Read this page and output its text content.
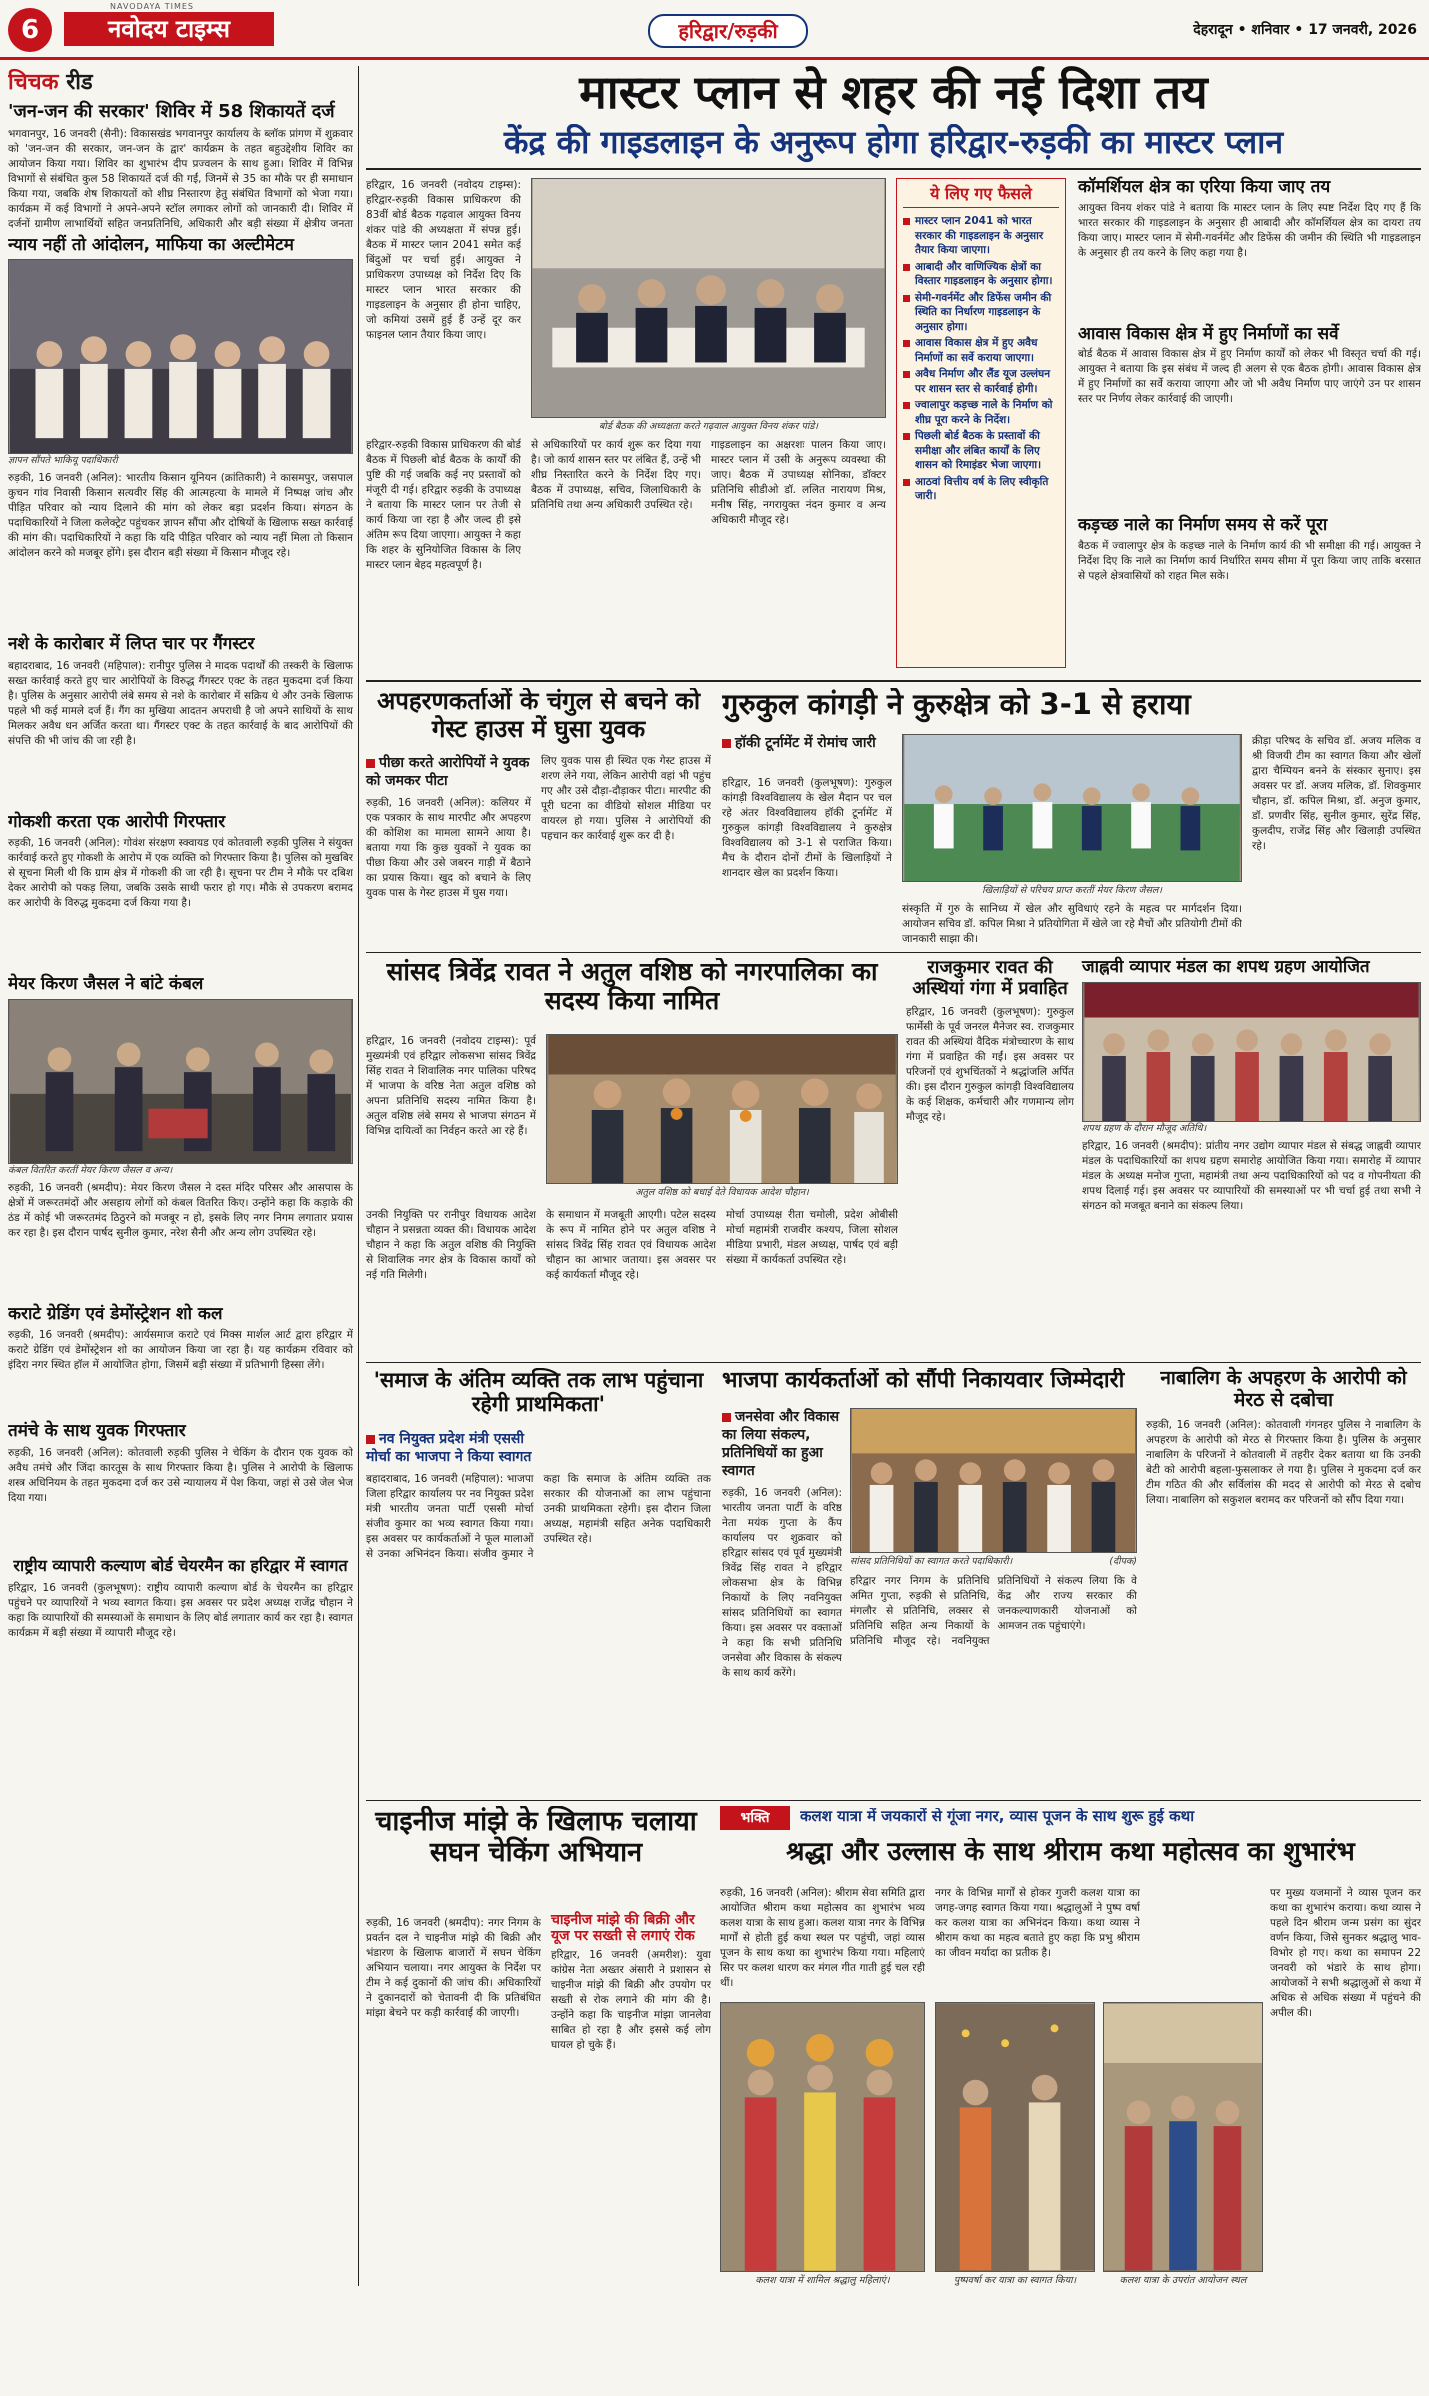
6
NAVODAYA TIMES
नवोदय टाइम्स	हरिद्वार/रुड़की	देहरादून • शनिवार • 17 जनवरी, 2026
चिचक रीड
'जन-जन की सरकार' शिविर में 58 शिकायतें दर्ज
भगवानपुर, 16 जनवरी (सैनी): विकासखंड भगवानपुर कार्यालय के ब्लॉक प्रांगण में शुक्रवार को 'जन-जन की सरकार, जन-जन के द्वार' कार्यक्रम के तहत बहुउद्देशीय शिविर का आयोजन किया गया। शिविर का शुभारंभ दीप प्रज्वलन के साथ हुआ। शिविर में विभिन्न विभागों से संबंधित कुल 58 शिकायतें दर्ज की गईं, जिनमें से 35 का मौके पर ही समाधान किया गया, जबकि शेष शिकायतों को शीघ्र निस्तारण हेतु संबंधित विभागों को भेजा गया। कार्यक्रम में कई विभागों ने अपने-अपने स्टॉल लगाकर लोगों को जानकारी दी। शिविर में दर्जनों ग्रामीण लाभार्थियों सहित जनप्रतिनिधि, अधिकारी और बड़ी संख्या में क्षेत्रीय जनता
न्याय नहीं तो आंदोलन, माफिया का अल्टीमेटम
ज्ञापन सौंपते भाकियू पदाधिकारी
रुड़की, 16 जनवरी (अनिल): भारतीय किसान यूनियन (क्रांतिकारी) ने कासमपुर, जसपाल कुचन गांव निवासी किसान सत्यवीर सिंह की आत्महत्या के मामले में निष्पक्ष जांच और पीड़ित परिवार को न्याय दिलाने की मांग को लेकर बड़ा प्रदर्शन किया। संगठन के पदाधिकारियों ने जिला कलेक्ट्रेट पहुंचकर ज्ञापन सौंपा और दोषियों के खिलाफ सख्त कार्रवाई की मांग की। पदाधिकारियों ने कहा कि यदि पीड़ित परिवार को न्याय नहीं मिला तो किसान आंदोलन करने को मजबूर होंगे। इस दौरान बड़ी संख्या में किसान मौजूद रहे।
नशे के कारोबार में लिप्त चार पर गैंगस्टर
बहादराबाद, 16 जनवरी (महिपाल): रानीपुर पुलिस ने मादक पदार्थों की तस्करी के खिलाफ सख्त कार्रवाई करते हुए चार आरोपियों के विरुद्ध गैंगस्टर एक्ट के तहत मुकदमा दर्ज किया है। पुलिस के अनुसार आरोपी लंबे समय से नशे के कारोबार में सक्रिय थे और उनके खिलाफ पहले भी कई मामले दर्ज हैं। गैंग का मुखिया आदतन अपराधी है जो अपने साथियों के साथ मिलकर अवैध धन अर्जित करता था। गैंगस्टर एक्ट के तहत कार्रवाई के बाद आरोपियों की संपत्ति की भी जांच की जा रही है।
गोकशी करता एक आरोपी गिरफ्तार
रुड़की, 16 जनवरी (अनिल): गोवंश संरक्षण स्क्वायड एवं कोतवाली रुड़की पुलिस ने संयुक्त कार्रवाई करते हुए गोकशी के आरोप में एक व्यक्ति को गिरफ्तार किया है। पुलिस को मुखबिर से सूचना मिली थी कि ग्राम क्षेत्र में गोकशी की जा रही है। सूचना पर टीम ने मौके पर दबिश देकर आरोपी को पकड़ लिया, जबकि उसके साथी फरार हो गए। मौके से उपकरण बरामद कर आरोपी के विरुद्ध मुकदमा दर्ज किया गया है।
मेयर किरण जैसल ने बांटे कंबल
कंबल वितरित करतीं मेयर किरण जैसल व अन्य।
रुड़की, 16 जनवरी (श्रमदीप): मेयर किरण जैसल ने दस्त मंदिर परिसर और आसपास के क्षेत्रों में जरूरतमंदों और असहाय लोगों को कंबल वितरित किए। उन्होंने कहा कि कड़ाके की ठंड में कोई भी जरूरतमंद ठिठुरने को मजबूर न हो, इसके लिए नगर निगम लगातार प्रयास कर रहा है। इस दौरान पार्षद सुनील कुमार, नरेश सैनी और अन्य लोग उपस्थित रहे।
कराटे ग्रेडिंग एवं डेमोंस्ट्रेशन शो कल
रुड़की, 16 जनवरी (श्रमदीप): आर्यसमाज कराटे एवं मिक्स मार्शल आर्ट द्वारा हरिद्वार में कराटे ग्रेडिंग एवं डेमोंस्ट्रेशन शो का आयोजन किया जा रहा है। यह कार्यक्रम रविवार को इंदिरा नगर स्थित हॉल में आयोजित होगा, जिसमें बड़ी संख्या में प्रतिभागी हिस्सा लेंगे।
तमंचे के साथ युवक गिरफ्तार
रुड़की, 16 जनवरी (अनिल): कोतवाली रुड़की पुलिस ने चेकिंग के दौरान एक युवक को अवैध तमंचे और जिंदा कारतूस के साथ गिरफ्तार किया है। पुलिस ने आरोपी के खिलाफ शस्त्र अधिनियम के तहत मुकदमा दर्ज कर उसे न्यायालय में पेश किया, जहां से उसे जेल भेज दिया गया।
राष्ट्रीय व्यापारी कल्याण बोर्ड चेयरमैन का हरिद्वार में स्वागत
हरिद्वार, 16 जनवरी (कुलभूषण): राष्ट्रीय व्यापारी कल्याण बोर्ड के चेयरमैन का हरिद्वार पहुंचने पर व्यापारियों ने भव्य स्वागत किया। इस अवसर पर प्रदेश अध्यक्ष राजेंद्र चौहान ने कहा कि व्यापारियों की समस्याओं के समाधान के लिए बोर्ड लगातार कार्य कर रहा है। स्वागत कार्यक्रम में बड़ी संख्या में व्यापारी मौजूद रहे।
मास्टर प्लान से शहर की नई दिशा तय
केंद्र की गाइडलाइन के अनुरूप होगा हरिद्वार-रुड़की का मास्टर प्लान
हरिद्वार, 16 जनवरी (नवोदय टाइम्स): हरिद्वार-रुड़की विकास प्राधिकरण की 83वीं बोर्ड बैठक गढ़वाल आयुक्त विनय शंकर पांडे की अध्यक्षता में संपन्न हुई। बैठक में मास्टर प्लान 2041 समेत कई बिंदुओं पर चर्चा हुई। आयुक्त ने प्राधिकरण उपाध्यक्ष को निर्देश दिए कि मास्टर प्लान भारत सरकार की गाइडलाइन के अनुसार ही होना चाहिए, जो कमियां उसमें हुई हैं उन्हें दूर कर फाइनल प्लान तैयार किया जाए।
बोर्ड बैठक की अध्यक्षता करते गढ़वाल आयुक्त विनय शंकर पांडे।
हरिद्वार-रुड़की विकास प्राधिकरण की बोर्ड बैठक में पिछली बोर्ड बैठक के कार्यों की पुष्टि की गई जबकि कई नए प्रस्तावों को मंजूरी दी गई। हरिद्वार रुड़की के उपाध्यक्ष ने बताया कि मास्टर प्लान पर तेजी से कार्य किया जा रहा है और जल्द ही इसे अंतिम रूप दिया जाएगा। आयुक्त ने कहा कि शहर के सुनियोजित विकास के लिए मास्टर प्लान बेहद महत्वपूर्ण है।
से अधिकारियों पर कार्य शुरू कर दिया गया है। जो कार्य शासन स्तर पर लंबित हैं, उन्हें भी शीघ्र निस्तारित करने के निर्देश दिए गए। बैठक में उपाध्यक्ष, सचिव, जिलाधिकारी के प्रतिनिधि तथा अन्य अधिकारी उपस्थित रहे।
गाइडलाइन का अक्षरशः पालन किया जाए। मास्टर प्लान में उसी के अनुरूप व्यवस्था की जाए। बैठक में उपाध्यक्ष सोनिका, डॉक्टर प्रतिनिधि सीडीओ डॉ. ललित नारायण मिश्र, मनीष सिंह, नगरायुक्त नंदन कुमार व अन्य अधिकारी मौजूद रहे।
ये लिए गए फैसले
मास्टर प्लान 2041 को भारत सरकार की गाइडलाइन के अनुसार तैयार किया जाएगा।
आबादी और वाणिज्यिक क्षेत्रों का विस्तार गाइडलाइन के अनुसार होगा।
सेमी-गवर्नमेंट और डिफेंस जमीन की स्थिति का निर्धारण गाइडलाइन के अनुसार होगा।
आवास विकास क्षेत्र में हुए अवैध निर्माणों का सर्वे कराया जाएगा।
अवैध निर्माण और लैंड यूज उल्लंघन पर शासन स्तर से कार्रवाई होगी।
ज्वालापुर कड़च्छ नाले के निर्माण को शीघ्र पूरा करने के निर्देश।
पिछली बोर्ड बैठक के प्रस्तावों की समीक्षा और लंबित कार्यों के लिए शासन को रिमाइंडर भेजा जाएगा।
आठवां वित्तीय वर्ष के लिए स्वीकृति जारी।
कॉमर्शियल क्षेत्र का एरिया किया जाए तय
आयुक्त विनय शंकर पांडे ने बताया कि मास्टर प्लान के लिए स्पष्ट निर्देश दिए गए हैं कि भारत सरकार की गाइडलाइन के अनुसार ही आबादी और कॉमर्शियल क्षेत्र का दायरा तय किया जाए। मास्टर प्लान में सेमी-गवर्नमेंट और डिफेंस की जमीन की स्थिति भी गाइडलाइन के अनुसार ही तय करने के लिए कहा गया है।
आवास विकास क्षेत्र में हुए निर्माणों का सर्वे
बोर्ड बैठक में आवास विकास क्षेत्र में हुए निर्माण कार्यों को लेकर भी विस्तृत चर्चा की गई। आयुक्त ने बताया कि इस संबंध में जल्द ही अलग से एक बैठक होगी। आवास विकास क्षेत्र में हुए निर्माणों का सर्वे कराया जाएगा और जो भी अवैध निर्माण पाए जाएंगे उन पर शासन स्तर पर निर्णय लेकर कार्रवाई की जाएगी।
कड़च्छ नाले का निर्माण समय से करें पूरा
बैठक में ज्वालापुर क्षेत्र के कड़च्छ नाले के निर्माण कार्य की भी समीक्षा की गई। आयुक्त ने निर्देश दिए कि नाले का निर्माण कार्य निर्धारित समय सीमा में पूरा किया जाए ताकि बरसात से पहले क्षेत्रवासियों को राहत मिल सके।
अपहरणकर्ताओं के चंगुल से बचने को गेस्ट हाउस में घुसा युवक
पीछा करते आरोपियों ने युवक को जमकर पीटा
रुड़की, 16 जनवरी (अनिल): कलियर में एक पत्रकार के साथ मारपीट और अपहरण की कोशिश का मामला सामने आया है। बताया गया कि कुछ युवकों ने युवक का पीछा किया और उसे जबरन गाड़ी में बैठाने का प्रयास किया। खुद को बचाने के लिए युवक पास के गेस्ट हाउस में घुस गया।
लिए युवक पास ही स्थित एक गेस्ट हाउस में शरण लेने गया, लेकिन आरोपी वहां भी पहुंच गए और उसे दौड़ा-दौड़ाकर पीटा। मारपीट की पूरी घटना का वीडियो सोशल मीडिया पर वायरल हो गया। पुलिस ने आरोपियों की पहचान कर कार्रवाई शुरू कर दी है।
गुरुकुल कांगड़ी ने कुरुक्षेत्र को 3-1 से हराया
हॉकी टूर्नामेंट में रोमांच जारी
हरिद्वार, 16 जनवरी (कुलभूषण): गुरुकुल कांगड़ी विश्वविद्यालय के खेल मैदान पर चल रहे अंतर विश्वविद्यालय हॉकी टूर्नामेंट में गुरुकुल कांगड़ी विश्वविद्यालय ने कुरुक्षेत्र विश्वविद्यालय को 3-1 से पराजित किया। मैच के दौरान दोनों टीमों के खिलाड़ियों ने शानदार खेल का प्रदर्शन किया।
खिलाड़ियों से परिचय प्राप्त करतीं मेयर किरण जैसल।
क्रीड़ा परिषद के सचिव डॉ. अजय मलिक व श्री विजयी टीम का स्वागत किया और खेलों द्वारा चैम्पियन बनने के संस्कार सुनाए। इस अवसर पर डॉ. अजय मलिक, डॉ. शिवकुमार चौहान, डॉ. कपिल मिश्रा, डॉ. अनुज कुमार, डॉ. प्रणवीर सिंह, सुनील कुमार, सुरेंद्र सिंह, कुलदीप, राजेंद्र सिंह और खिलाड़ी उपस्थित रहे।
संस्कृति में गुरु के सानिध्य में खेल और सुविधाएं रहने के महत्व पर मार्गदर्शन दिया। आयोजन सचिव डॉ. कपिल मिश्रा ने प्रतियोगिता में खेले जा रहे मैचों और प्रतियोगी टीमों की जानकारी साझा की।
सांसद त्रिवेंद्र रावत ने अतुल वशिष्ठ को नगरपालिका का सदस्य किया नामित
हरिद्वार, 16 जनवरी (नवोदय टाइम्स): पूर्व मुख्यमंत्री एवं हरिद्वार लोकसभा सांसद त्रिवेंद्र सिंह रावत ने शिवालिक नगर पालिका परिषद में भाजपा के वरिष्ठ नेता अतुल वशिष्ठ को अपना प्रतिनिधि सदस्य नामित किया है। अतुल वशिष्ठ लंबे समय से भाजपा संगठन में विभिन्न दायित्वों का निर्वहन करते आ रहे हैं।
अतुल वशिष्ठ को बधाई देते विधायक आदेश चौहान।
उनकी नियुक्ति पर रानीपुर विधायक आदेश चौहान ने प्रसन्नता व्यक्त की। विधायक आदेश चौहान ने कहा कि अतुल वशिष्ठ की नियुक्ति से शिवालिक नगर क्षेत्र के विकास कार्यों को नई गति मिलेगी।
के समाधान में मजबूती आएगी। पटेल सदस्य के रूप में नामित होने पर अतुल वशिष्ठ ने सांसद त्रिवेंद्र सिंह रावत एवं विधायक आदेश चौहान का आभार जताया। इस अवसर पर कई कार्यकर्ता मौजूद रहे।
मोर्चा उपाध्यक्ष रीता चमोली, प्रदेश ओबीसी मोर्चा महामंत्री राजवीर कश्यप, जिला सोशल मीडिया प्रभारी, मंडल अध्यक्ष, पार्षद एवं बड़ी संख्या में कार्यकर्ता उपस्थित रहे।
राजकुमार रावत की अस्थियां गंगा में प्रवाहित
हरिद्वार, 16 जनवरी (कुलभूषण): गुरुकुल फार्मेसी के पूर्व जनरल मैनेजर स्व. राजकुमार रावत की अस्थियां वैदिक मंत्रोच्चारण के साथ गंगा में प्रवाहित की गईं। इस अवसर पर परिजनों एवं शुभचिंतकों ने श्रद्धांजलि अर्पित की। इस दौरान गुरुकुल कांगड़ी विश्वविद्यालय के कई शिक्षक, कर्मचारी और गणमान्य लोग मौजूद रहे।
जाह्नवी व्यापार मंडल का शपथ ग्रहण आयोजित
शपथ ग्रहण के दौरान मौजूद अतिथि।
हरिद्वार, 16 जनवरी (श्रमदीप): प्रांतीय नगर उद्योग व्यापार मंडल से संबद्ध जाह्नवी व्यापार मंडल के पदाधिकारियों का शपथ ग्रहण समारोह आयोजित किया गया। समारोह में व्यापार मंडल के अध्यक्ष मनोज गुप्ता, महामंत्री तथा अन्य पदाधिकारियों को पद व गोपनीयता की शपथ दिलाई गई। इस अवसर पर व्यापारियों की समस्याओं पर भी चर्चा हुई तथा सभी ने संगठन को मजबूत बनाने का संकल्प लिया।
'समाज के अंतिम व्यक्ति तक लाभ पहुंचाना रहेगी प्राथमिकता'
नव नियुक्त प्रदेश मंत्री एससी मोर्चा का भाजपा ने किया स्वागत
बहादराबाद, 16 जनवरी (महिपाल): भाजपा जिला हरिद्वार कार्यालय पर नव नियुक्त प्रदेश मंत्री भारतीय जनता पार्टी एससी मोर्चा संजीव कुमार का भव्य स्वागत किया गया। इस अवसर पर कार्यकर्ताओं ने फूल मालाओं से उनका अभिनंदन किया। संजीव कुमार ने कहा कि समाज के अंतिम व्यक्ति तक सरकार की योजनाओं का लाभ पहुंचाना उनकी प्राथमिकता रहेगी। इस दौरान जिला अध्यक्ष, महामंत्री सहित अनेक पदाधिकारी उपस्थित रहे।
भाजपा कार्यकर्ताओं को सौंपी निकायवार जिम्मेदारी
जनसेवा और विकास का लिया संकल्प, प्रतिनिधियों का हुआ स्वागत
सांसद प्रतिनिधियों का स्वागत करते पदाधिकारी।	(दीपक)
रुड़की, 16 जनवरी (अनिल): भारतीय जनता पार्टी के वरिष्ठ नेता मयंक गुप्ता के कैंप कार्यालय पर शुक्रवार को हरिद्वार सांसद एवं पूर्व मुख्यमंत्री त्रिवेंद्र सिंह रावत ने हरिद्वार लोकसभा क्षेत्र के विभिन्न निकायों के लिए नवनियुक्त सांसद प्रतिनिधियों का स्वागत किया। इस अवसर पर वक्ताओं ने कहा कि सभी प्रतिनिधि जनसेवा और विकास के संकल्प के साथ कार्य करेंगे।
हरिद्वार नगर निगम के प्रतिनिधि अमित गुप्ता, रुड़की से प्रतिनिधि, मंगलौर से प्रतिनिधि, लक्सर से प्रतिनिधि सहित अन्य निकायों के प्रतिनिधि मौजूद रहे। नवनियुक्त प्रतिनिधियों ने संकल्प लिया कि वे केंद्र और राज्य सरकार की जनकल्याणकारी योजनाओं को आमजन तक पहुंचाएंगे।
नाबालिग के अपहरण के आरोपी को मेरठ से दबोचा
रुड़की, 16 जनवरी (अनिल): कोतवाली गंगनहर पुलिस ने नाबालिग के अपहरण के आरोपी को मेरठ से गिरफ्तार किया है। पुलिस के अनुसार नाबालिग के परिजनों ने कोतवाली में तहरीर देकर बताया था कि उनकी बेटी को आरोपी बहला-फुसलाकर ले गया है। पुलिस ने मुकदमा दर्ज कर टीम गठित की और सर्विलांस की मदद से आरोपी को मेरठ से दबोच लिया। नाबालिग को सकुशल बरामद कर परिजनों को सौंप दिया गया।
रुड़की, 16 जनवरी (श्रमदीप): नगर निगम के प्रवर्तन दल ने चाइनीज मांझे की बिक्री और भंडारण के खिलाफ बाजारों में सघन चेकिंग अभियान चलाया। नगर आयुक्त के निर्देश पर टीम ने कई दुकानों की जांच की। अधिकारियों ने दुकानदारों को चेतावनी दी कि प्रतिबंधित मांझा बेचने पर कड़ी कार्रवाई की जाएगी।
चाइनीज मांझे के खिलाफ चलाया सघन चेकिंग अभियान
चाइनीज मांझे की बिक्री और यूज पर सख्ती से लगाएं रोक
हरिद्वार, 16 जनवरी (अमरीश): युवा कांग्रेस नेता अख्तर अंसारी ने प्रशासन से चाइनीज मांझे की बिक्री और उपयोग पर सख्ती से रोक लगाने की मांग की है। उन्होंने कहा कि चाइनीज मांझा जानलेवा साबित हो रहा है और इससे कई लोग घायल हो चुके हैं।
भक्ति	कलश यात्रा में जयकारों से गूंजा नगर, व्यास पूजन के साथ शुरू हुई कथा
श्रद्धा और उल्लास के साथ श्रीराम कथा महोत्सव का शुभारंभ
रुड़की, 16 जनवरी (अनिल): श्रीराम सेवा समिति द्वारा आयोजित श्रीराम कथा महोत्सव का शुभारंभ भव्य कलश यात्रा के साथ हुआ। कलश यात्रा नगर के विभिन्न मार्गों से होती हुई कथा स्थल पर पहुंची, जहां व्यास पूजन के साथ कथा का शुभारंभ किया गया। महिलाएं सिर पर कलश धारण कर मंगल गीत गाती हुई चल रही थीं।
नगर के विभिन्न मार्गों से होकर गुजरी कलश यात्रा का जगह-जगह स्वागत किया गया। श्रद्धालुओं ने पुष्प वर्षा कर कलश यात्रा का अभिनंदन किया। कथा व्यास ने श्रीराम कथा का महत्व बताते हुए कहा कि प्रभु श्रीराम का जीवन मर्यादा का प्रतीक है।
पर मुख्य यजमानों ने व्यास पूजन कर कथा का शुभारंभ कराया। कथा व्यास ने पहले दिन श्रीराम जन्म प्रसंग का सुंदर वर्णन किया, जिसे सुनकर श्रद्धालु भाव-विभोर हो गए। कथा का समापन 22 जनवरी को भंडारे के साथ होगा। आयोजकों ने सभी श्रद्धालुओं से कथा में अधिक से अधिक संख्या में पहुंचने की अपील की।
कलश यात्रा में शामिल श्रद्धालु महिलाएं।	पुष्पवर्षा कर यात्रा का स्वागत किया।	कलश यात्रा के उपरांत आयोजन स्थल
